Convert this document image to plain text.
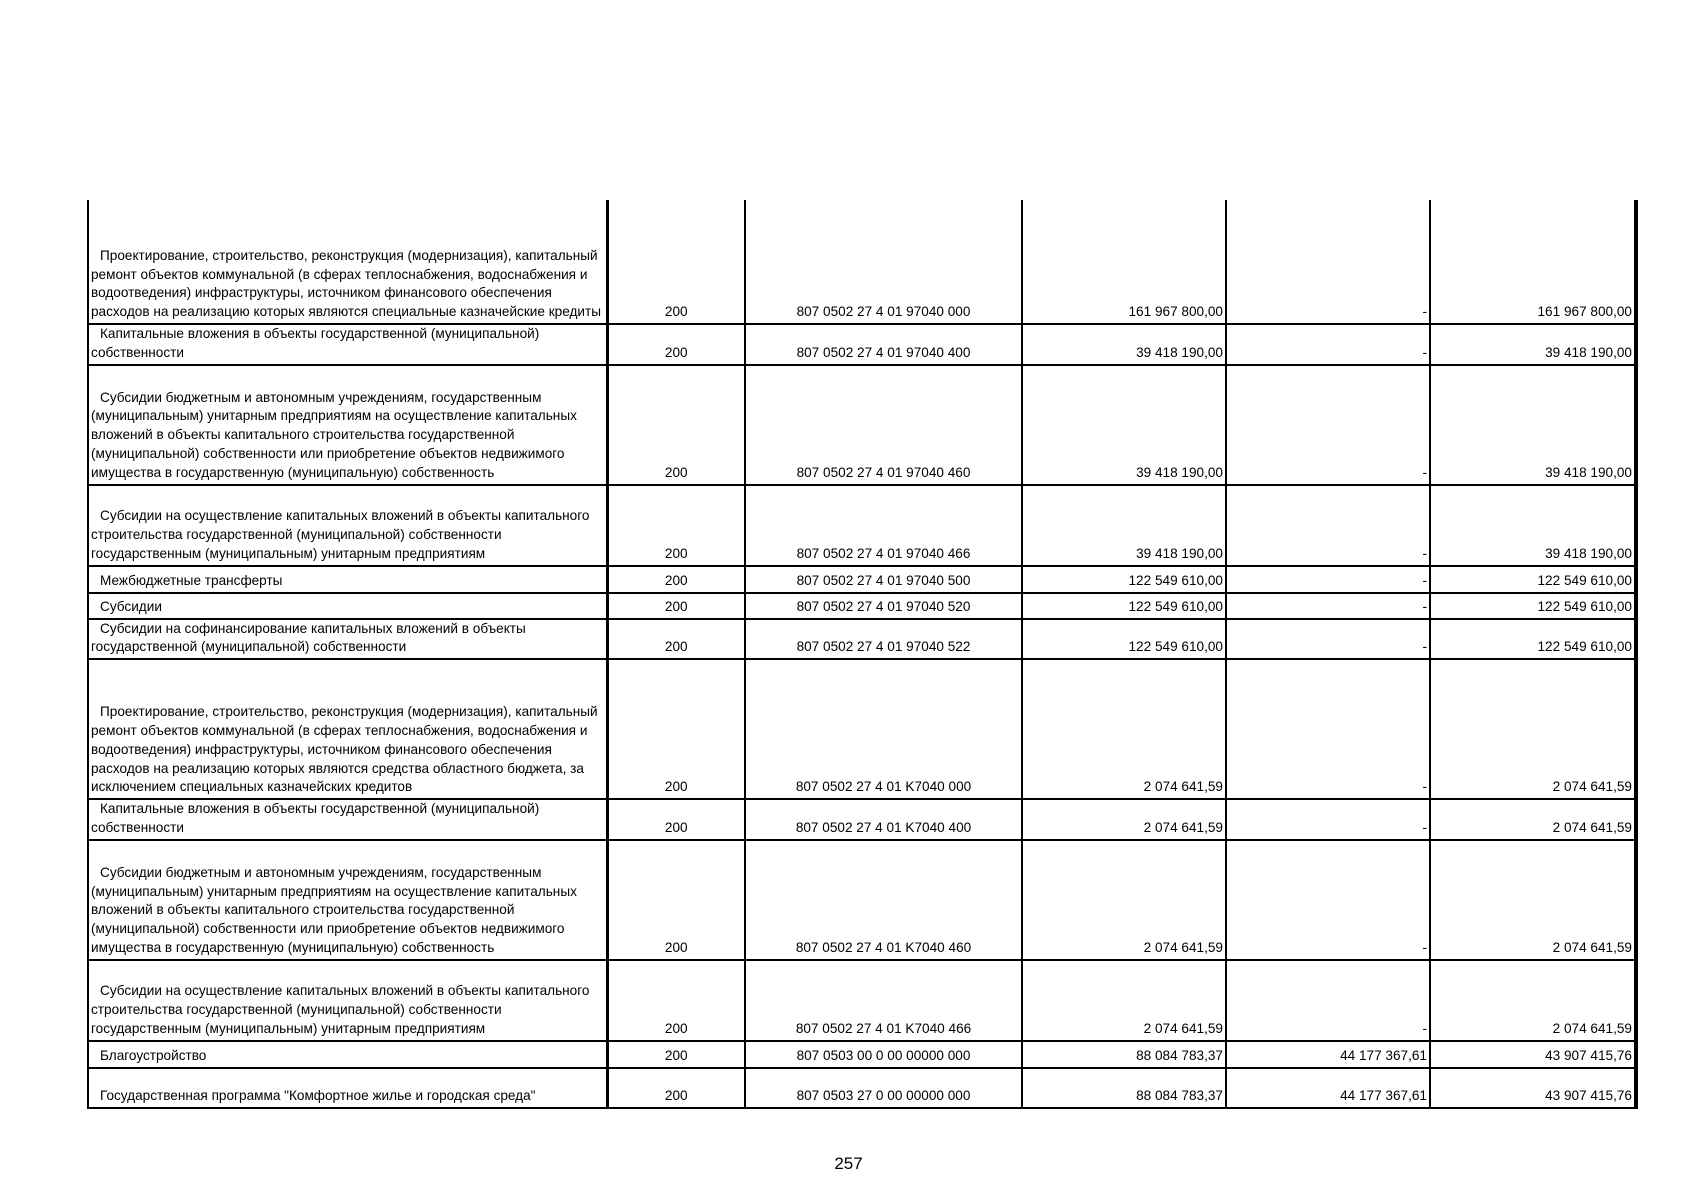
Проектирование, строительство, реконструкция (модернизация), капитальный ремонт объектов коммунальной (в сферах теплоснабжения, водоснабжения и водоотведения) инфраструктуры, источником финансового обеспечения расходов на реализацию которых являются специальные казначейские кредиты	200	807 0502 27 4 01 97040 000	161 967 800,00	-	161 967 800,00
Капитальные вложения в объекты государственной (муниципальной) собственности	200	807 0502 27 4 01 97040 400	39 418 190,00	-	39 418 190,00
Субсидии бюджетным и автономным учреждениям, государственным (муниципальным) унитарным предприятиям на осуществление капитальных вложений в объекты капитального строительства государственной (муниципальной) собственности или приобретение объектов недвижимого имущества в государственную (муниципальную) собственность	200	807 0502 27 4 01 97040 460	39 418 190,00	-	39 418 190,00
Субсидии на осуществление капитальных вложений в объекты капитального строительства государственной (муниципальной) собственности государственным (муниципальным) унитарным предприятиям	200	807 0502 27 4 01 97040 466	39 418 190,00	-	39 418 190,00
Межбюджетные трансферты	200	807 0502 27 4 01 97040 500	122 549 610,00	-	122 549 610,00
Субсидии	200	807 0502 27 4 01 97040 520	122 549 610,00	-	122 549 610,00
Субсидии на софинансирование капитальных вложений в объекты государственной (муниципальной) собственности	200	807 0502 27 4 01 97040 522	122 549 610,00	-	122 549 610,00
Проектирование, строительство, реконструкция (модернизация), капитальный ремонт объектов коммунальной (в сферах теплоснабжения, водоснабжения и водоотведения) инфраструктуры, источником финансового обеспечения расходов на реализацию которых являются средства областного бюджета, за исключением специальных казначейских кредитов	200	807 0502 27 4 01 K7040 000	2 074 641,59	-	2 074 641,59
Капитальные вложения в объекты государственной (муниципальной) собственности	200	807 0502 27 4 01 K7040 400	2 074 641,59	-	2 074 641,59
Субсидии бюджетным и автономным учреждениям, государственным (муниципальным) унитарным предприятиям на осуществление капитальных вложений в объекты капитального строительства государственной (муниципальной) собственности или приобретение объектов недвижимого имущества в государственную (муниципальную) собственность	200	807 0502 27 4 01 K7040 460	2 074 641,59	-	2 074 641,59
Субсидии на осуществление капитальных вложений в объекты капитального строительства государственной (муниципальной) собственности государственным (муниципальным) унитарным предприятиям	200	807 0502 27 4 01 K7040 466	2 074 641,59	-	2 074 641,59
Благоустройство	200	807 0503 00 0 00 00000 000	88 084 783,37	44 177 367,61	43 907 415,76
Государственная программа "Комфортное жилье и городская среда"	200	807 0503 27 0 00 00000 000	88 084 783,37	44 177 367,61	43 907 415,76
257
